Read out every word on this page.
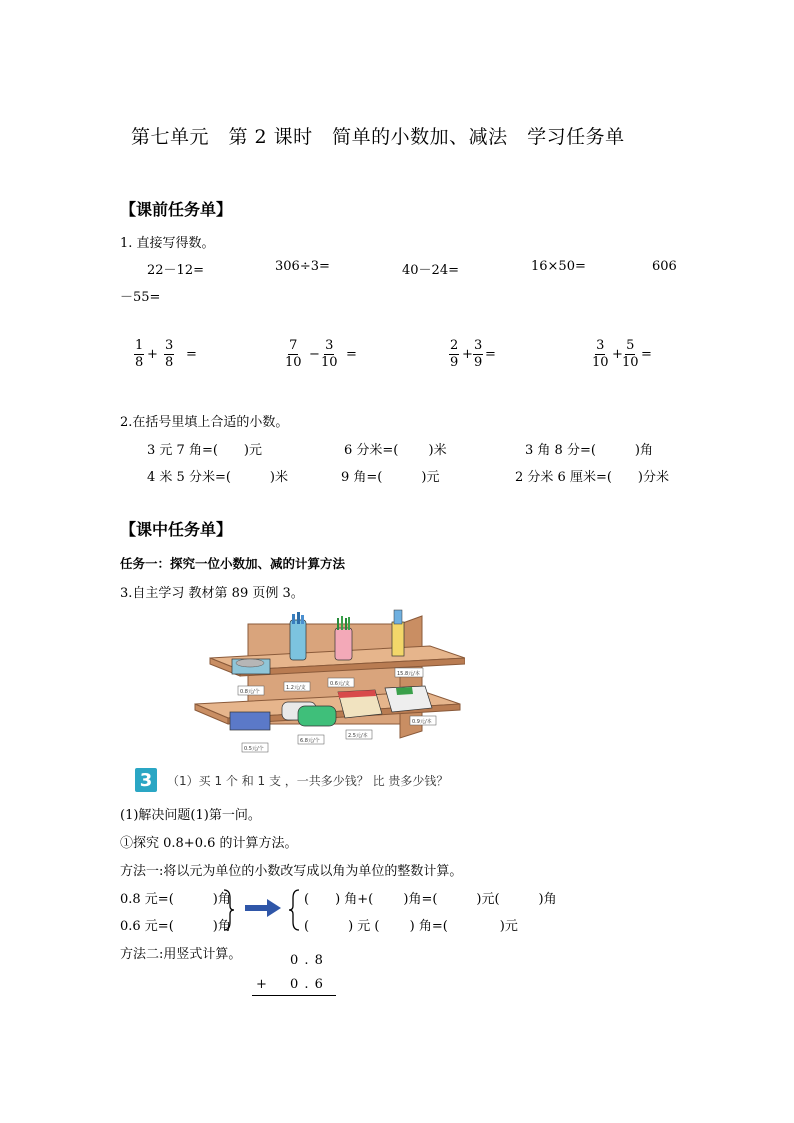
第七单元　第 2 课时　简单的小数加、减法　学习任务单
【课前任务单】
1. 直接写得数。
22－12=	306÷3=	40－24=	16×50=	606
－55=
$\frac{1}{8} + \frac{3}{8}$ =	$\frac{7}{10} - \frac{3}{10}$ =	$\frac{2}{9} + \frac{3}{9}$ =	$\frac{3}{10} + \frac{5}{10}$ =
2.在括号里填上合适的小数。
3 元 7 角=(　　)元	6 分米=(　　 )米	3 角 8 分=(　　　)角
4 米 5 分米=(　　　)米	9 角=(　　　)元	2 分米 6 厘米=(　　)分米
【课中任务单】
任务一：探究一位小数加、减的计算方法
3.自主学习 教材第 89 页例 3。
0.8元/个
1.2元/支
0.6元/支
15.8元/本
0.5元/个
6.8元/个
2.5元/本
0.9元/本
3	（1）买 1 个 和 1 支 ，一共多少钱？ 比 贵多少钱？
(1)解决问题(1)第一问。
①探究 0.8+0.6 的计算方法。
方法一:将以元为单位的小数改写成以角为单位的整数计算。
0.8 元=(　　　)角
0.6 元=(　　　)角
(　　) 角+(　　 )角=(　　　)元(　　　)角
(　　　) 元 (　　 ) 角=(　　　　)元
方法二:用竖式计算。	0 . 8
+ 0 . 6
